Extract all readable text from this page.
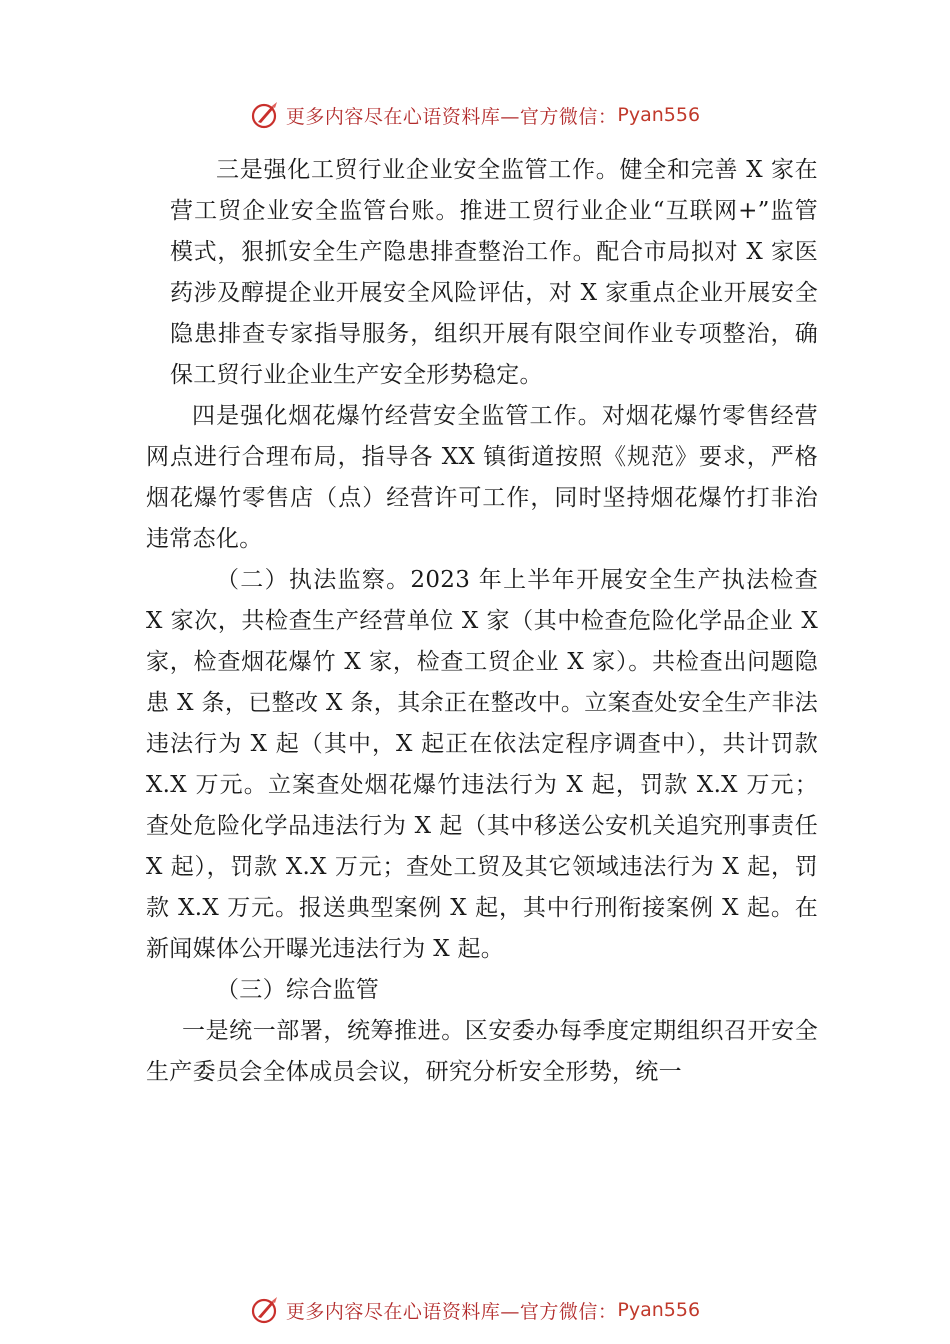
更多内容尽在心语资料库—官方微信： Pyan556

三是强化工贸行业企业安全监管工作。健全和完善 X 家在营工贸企业安全监管台账。推进工贸行业企业“互联网+”监管模式，狠抓安全生产隐患排查整治工作。配合市局拟对 X 家医药涉及醇提企业开展安全风险评估，对 X 家重点企业开展安全隐患排查专家指导服务，组织开展有限空间作业专项整治，确保工贸行业企业生产安全形势稳定。

四是强化烟花爆竹经营安全监管工作。对烟花爆竹零售经营网点进行合理布局，指导各 XX 镇街道按照《规范》要求，严格烟花爆竹零售店（点）经营许可工作，同时坚持烟花爆竹打非治违常态化。

（二）执法监察。2023 年上半年开展安全生产执法检查 X 家次，共检查生产经营单位 X 家（其中检查危险化学品企业 X 家，检查烟花爆竹 X 家，检查工贸企业 X 家）。共检查出问题隐患 X 条，已整改 X 条，其余正在整改中。立案查处安全生产非法违法行为 X 起（其中，X 起正在依法定程序调查中），共计罚款 X.X 万元。立案查处烟花爆竹违法行为 X 起，罚款 X.X 万元；查处危险化学品违法行为 X 起（其中移送公安机关追究刑事责任 X 起），罚款 X.X 万元；查处工贸及其它领域违法行为 X 起，罚款 X.X 万元。报送典型案例 X 起，其中行刑衔接案例 X 起。在新闻媒体公开曝光违法行为 X 起。

（三）综合监管

一是统一部署，统筹推进。区安委办每季度定期组织召开安全生产委员会全体成员会议，研究分析安全形势，统一

更多内容尽在心语资料库—官方微信： Pyan556
